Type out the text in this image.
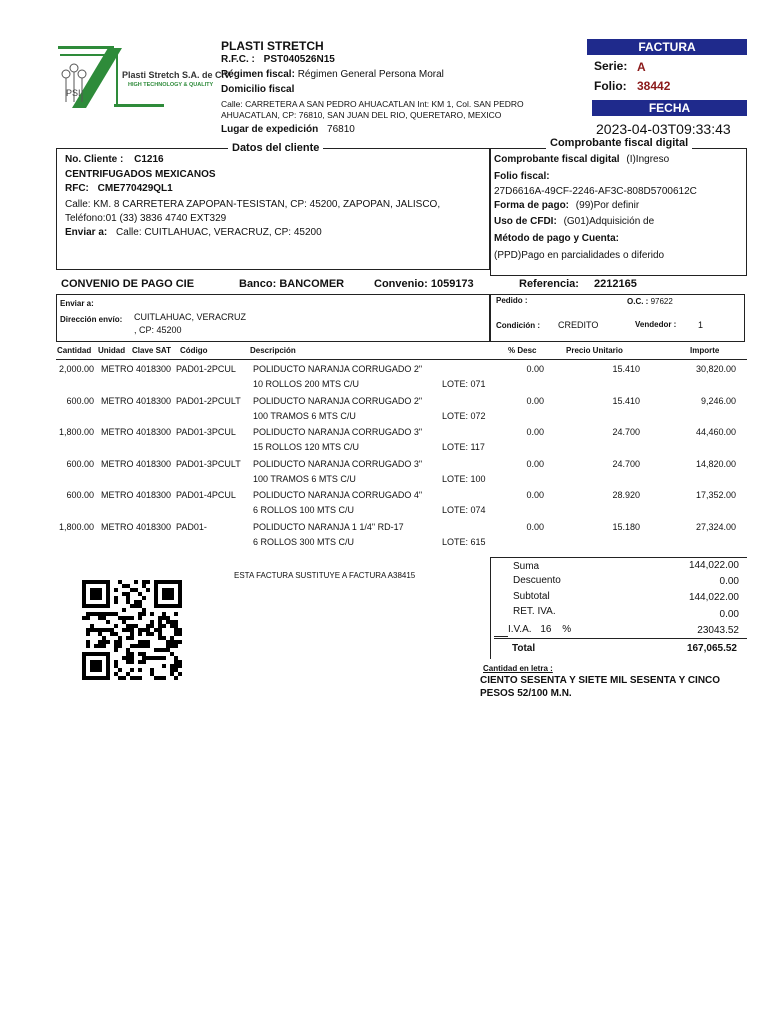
PSI
Plasti Stretch S.A. de C.V.
HIGH TECHNOLOGY & QUALITY
PLASTI STRETCH
R.F.C. : PST040526N15
Régimen fiscal: Régimen General Persona Moral
Domicilio fiscal
Calle: CARRETERA A SAN PEDRO AHUACATLAN Int: KM 1, Col. SAN PEDRO
AHUACATLAN, CP: 76810, SAN JUAN DEL RIO, QUERETARO, MEXICO
Lugar de expedición 76810
FACTURA
Serie: A
Folio: 38442
FECHA
2023-04-03T09:33:43
Datos del cliente
No. Cliente : C1216
CENTRIFUGADOS MEXICANOS
RFC: CME770429QL1
Calle: KM. 8 CARRETERA ZAPOPAN-TESISTAN, CP: 45200, ZAPOPAN, JALISCO,
Teléfono:01 (33) 3836 4740 EXT329
Enviar a: Calle: CUITLAHUAC, VERACRUZ, CP: 45200
Comprobante fiscal digital
Comprobante fiscal digital (I)Ingreso
Folio fiscal:
27D6616A-49CF-2246-AF3C-808D5700612C
Forma de pago: (99)Por definir
Uso de CFDI: (G01)Adquisición de
Método de pago y Cuenta:
(PPD)Pago en parcialidades o diferido
CONVENIO DE PAGO CIE	Banco: BANCOMER	Convenio: 1059173	Referencia: 2212165
Enviar a:
Dirección envío: CUITLAHUAC, VERACRUZ
, CP: 45200
Pedido :	O.C. : 97622
Condición : CREDITO	Vendedor : 1
Cantidad Unidad Clave SAT Código	Descripción	% Desc	Precio Unitario	Importe
2,000.00 METRO 4018300 PAD01-2PCUL POLIDUCTO NARANJA CORRUGADO 2"	0.00	15.410	30,820.00
10 ROLLOS 200 MTS C/U	LOTE: 071
600.00 METRO 4018300 PAD01-2PCULT POLIDUCTO NARANJA CORRUGADO 2"	0.00	15.410	9,246.00
100 TRAMOS 6 MTS C/U	LOTE: 072
1,800.00 METRO 4018300 PAD01-3PCUL POLIDUCTO NARANJA CORRUGADO 3"	0.00	24.700	44,460.00
15 ROLLOS 120 MTS C/U	LOTE: 117
600.00 METRO 4018300 PAD01-3PCULT POLIDUCTO NARANJA CORRUGADO 3"	0.00	24.700	14,820.00
100 TRAMOS 6 MTS C/U	LOTE: 100
600.00 METRO 4018300 PAD01-4PCUL POLIDUCTO NARANJA CORRUGADO 4"	0.00	28.920	17,352.00
6 ROLLOS 100 MTS C/U	LOTE: 074
1,800.00 METRO 4018300 PAD01-	POLIDUCTO NARANJA 1 1/4" RD-17	0.00	15.180	27,324.00
6 ROLLOS 300 MTS C/U	LOTE: 615
ESTA FACTURA SUSTITUYE A FACTURA A38415
Suma	144,022.00
Descuento	0.00
Subtotal	144,022.00
RET. IVA.	0.00
I.V.A. 16 %	23043.52
Total	167,065.52
Cantidad en letra :
CIENTO SESENTA Y SIETE MIL SESENTA Y CINCO
PESOS 52/100 M.N.
